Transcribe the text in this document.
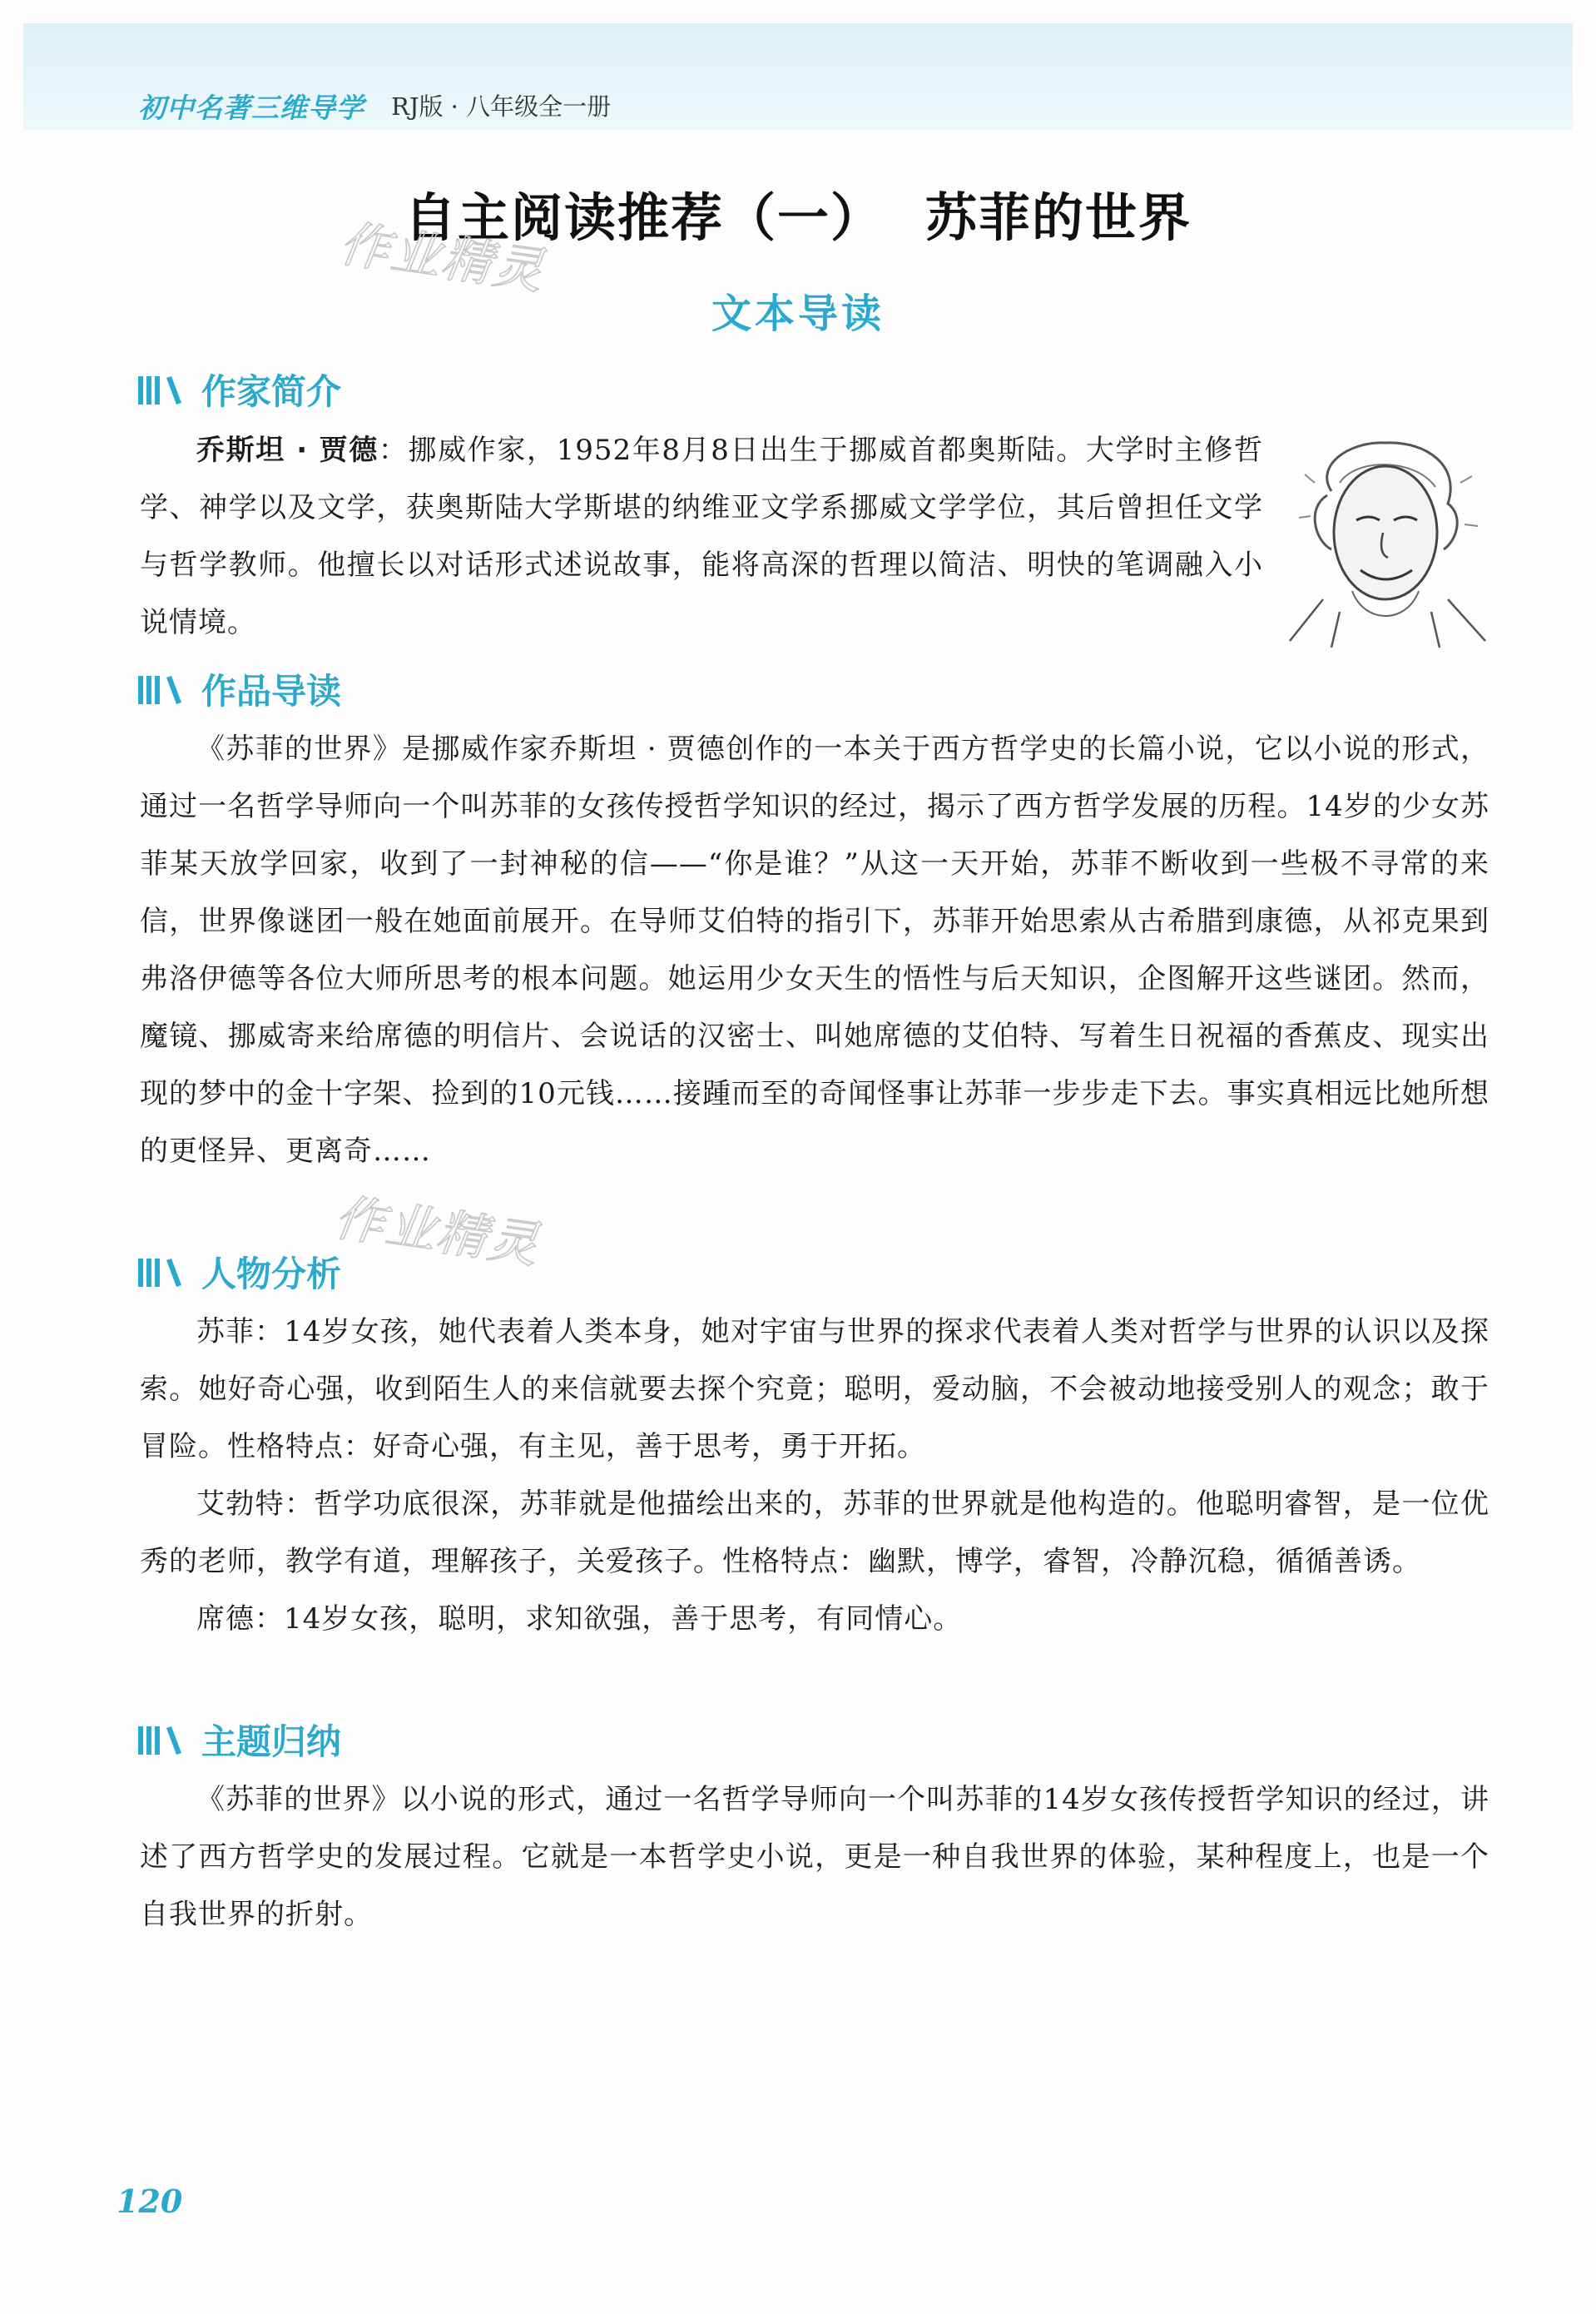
初中名著三维导学 RJ版 · 八年级全一册
自主阅读推荐（一） 苏菲的世界
作业精灵
文本导读
作家简介

乔斯坦 · 贾德：挪威作家，1952年8月8日出生于挪威首都奥斯陆。大学时主修哲学、神学以及文学，获奥斯陆大学斯堪的纳维亚文学系挪威文学学位，其后曾担任文学与哲学教师。他擅长以对话形式述说故事，能将高深的哲理以简洁、明快的笔调融入小说情境。

作品导读

《苏菲的世界》是挪威作家乔斯坦 · 贾德创作的一本关于西方哲学史的长篇小说，它以小说的形式，通过一名哲学导师向一个叫苏菲的女孩传授哲学知识的经过，揭示了西方哲学发展的历程。14岁的少女苏菲某天放学回家，收到了一封神秘的信——“你是谁？”从这一天开始，苏菲不断收到一些极不寻常的来信，世界像谜团一般在她面前展开。在导师艾伯特的指引下，苏菲开始思索从古希腊到康德，从祁克果到弗洛伊德等各位大师所思考的根本问题。她运用少女天生的悟性与后天知识，企图解开这些谜团。然而，魔镜、挪威寄来给席德的明信片、会说话的汉密士、叫她席德的艾伯特、写着生日祝福的香蕉皮、现实出现的梦中的金十字架、捡到的10元钱……接踵而至的奇闻怪事让苏菲一步步走下去。事实真相远比她所想的更怪异、更离奇……

作业精灵
人物分析

苏菲：14岁女孩，她代表着人类本身，她对宇宙与世界的探求代表着人类对哲学与世界的认识以及探索。她好奇心强，收到陌生人的来信就要去探个究竟；聪明，爱动脑，不会被动地接受别人的观念；敢于冒险。性格特点：好奇心强，有主见，善于思考，勇于开拓。

艾勃特：哲学功底很深，苏菲就是他描绘出来的，苏菲的世界就是他构造的。他聪明睿智，是一位优秀的老师，教学有道，理解孩子，关爱孩子。性格特点：幽默，博学，睿智，冷静沉稳，循循善诱。

席德：14岁女孩，聪明，求知欲强，善于思考，有同情心。

主题归纳

《苏菲的世界》以小说的形式，通过一名哲学导师向一个叫苏菲的14岁女孩传授哲学知识的经过，讲述了西方哲学史的发展过程。它就是一本哲学史小说，更是一种自我世界的体验，某种程度上，也是一个自我世界的折射。

120
